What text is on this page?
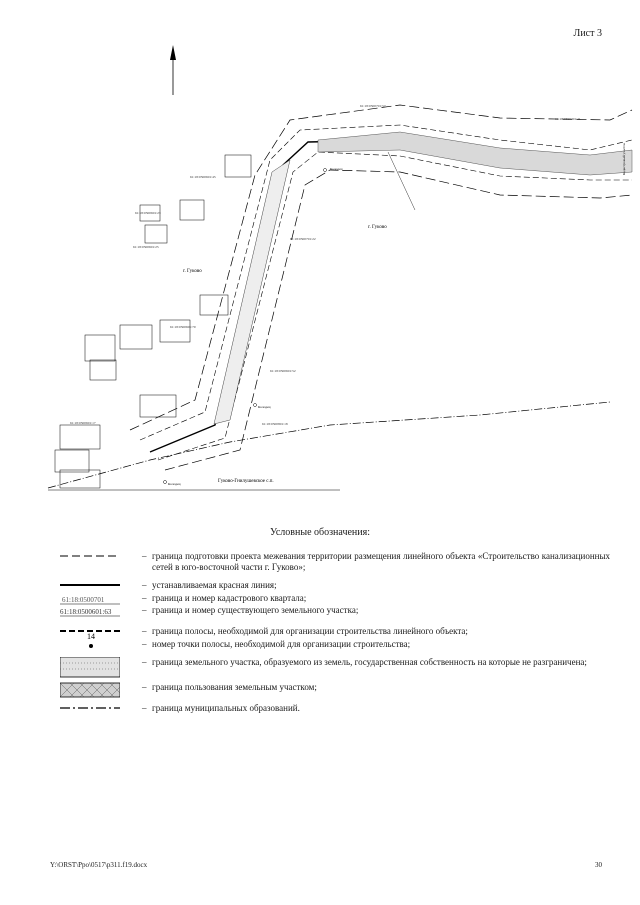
Лист 3
61:18:0500701:57
61:18:0500701:41
61:18:0500601:45
61:18:0500601:23
61:18:0500601:25
61:18:0500701:22
61:18:0500601:70
61:18:0500601:52
61:18:0500601:17	61:18:0500801:18
г. Гуково
г. Гуково
Гуково-Гнилушевское с.п.
Колодец
Колодец
Колодец
Кадастровый участок
Условные обозначения:
– граница подготовки проекта межевания территории размещения линейного объекта «Строительство канализационных сетей в юго-восточной части г. Гуково»;
– устанавливаемая красная линия;
61:18:0500701	– граница и номер кадастрового квартала;
61:18:0500601:63	– граница и номер существующего земельного участка;
– граница полосы, необходимой для организации строительства линейного объекта;
14
– номер точки полосы, необходимой для организации строительства;
– граница земельного участка, образуемого из земель, государственная собственность на которые не разграничена;
– граница пользования земельным участком;
– граница муниципальных образований.
Y:\ORST\Ppo\0517\p311.f19.docx	30
